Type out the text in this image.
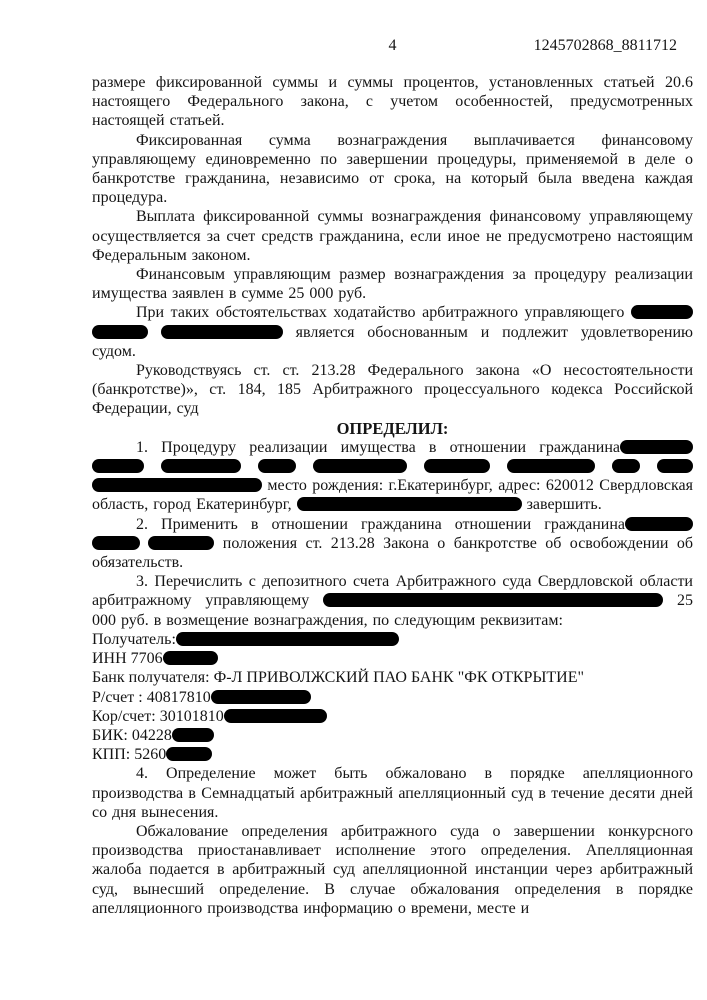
4	1245702868_8811712
размере фиксированной суммы и суммы процентов, установленных статьей 20.6 настоящего Федерального закона, с учетом особенностей, предусмотренных настоящей статьей.
Фиксированная сумма вознаграждения выплачивается финансовому управляющему единовременно по завершении процедуры, применяемой в деле о банкротстве гражданина, независимо от срока, на который была введена каждая процедура.
Выплата фиксированной суммы вознаграждения финансовому управляющему осуществляется за счет средств гражданина, если иное не предусмотрено настоящим Федеральным законом.
Финансовым управляющим размер вознаграждения за процедуру реализации имущества заявлен в сумме 25 000 руб.
При таких обстоятельствах ходатайство арбитражного управляющего    является обоснованным и подлежит удовлетворению судом.
Руководствуясь ст. ст. 213.28 Федерального закона «О несостоятельности (банкротстве)», ст. 184, 185 Арбитражного процессуального кодекса Российской Федерации, суд
ОПРЕДЕЛИЛ:
1. Процедуру реализации имущества в отношении гражданина          место рождения: г.Екатеринбург, адрес: 620012 Свердловская область, город Екатеринбург,	завершить.
2. Применить в отношении гражданина отношении гражданина   положения ст. 213.28 Закона о банкротстве об освобождении об обязательств.
3. Перечислить с депозитного счета Арбитражного суда Свердловской области арбитражному управляющему	25 000 руб. в возмещение вознаграждения, по следующим реквизитам:
Получатель:
ИНН 7706
Банк получателя: Ф-Л ПРИВОЛЖСКИЙ ПАО БАНК "ФК ОТКРЫТИЕ"
Р/счет : 40817810
Кор/счет: 30101810
БИК: 04228
КПП: 5260
4. Определение может быть обжаловано в порядке апелляционного производства в Семнадцатый арбитражный апелляционный суд в течение десяти дней со дня вынесения.
Обжалование определения арбитражного суда о завершении конкурсного производства приостанавливает исполнение этого определения. Апелляционная жалоба подается в арбитражный суд апелляционной инстанции через арбитражный суд, вынесший определение. В случае обжалования определения в порядке апелляционного производства информацию о времени, месте и
